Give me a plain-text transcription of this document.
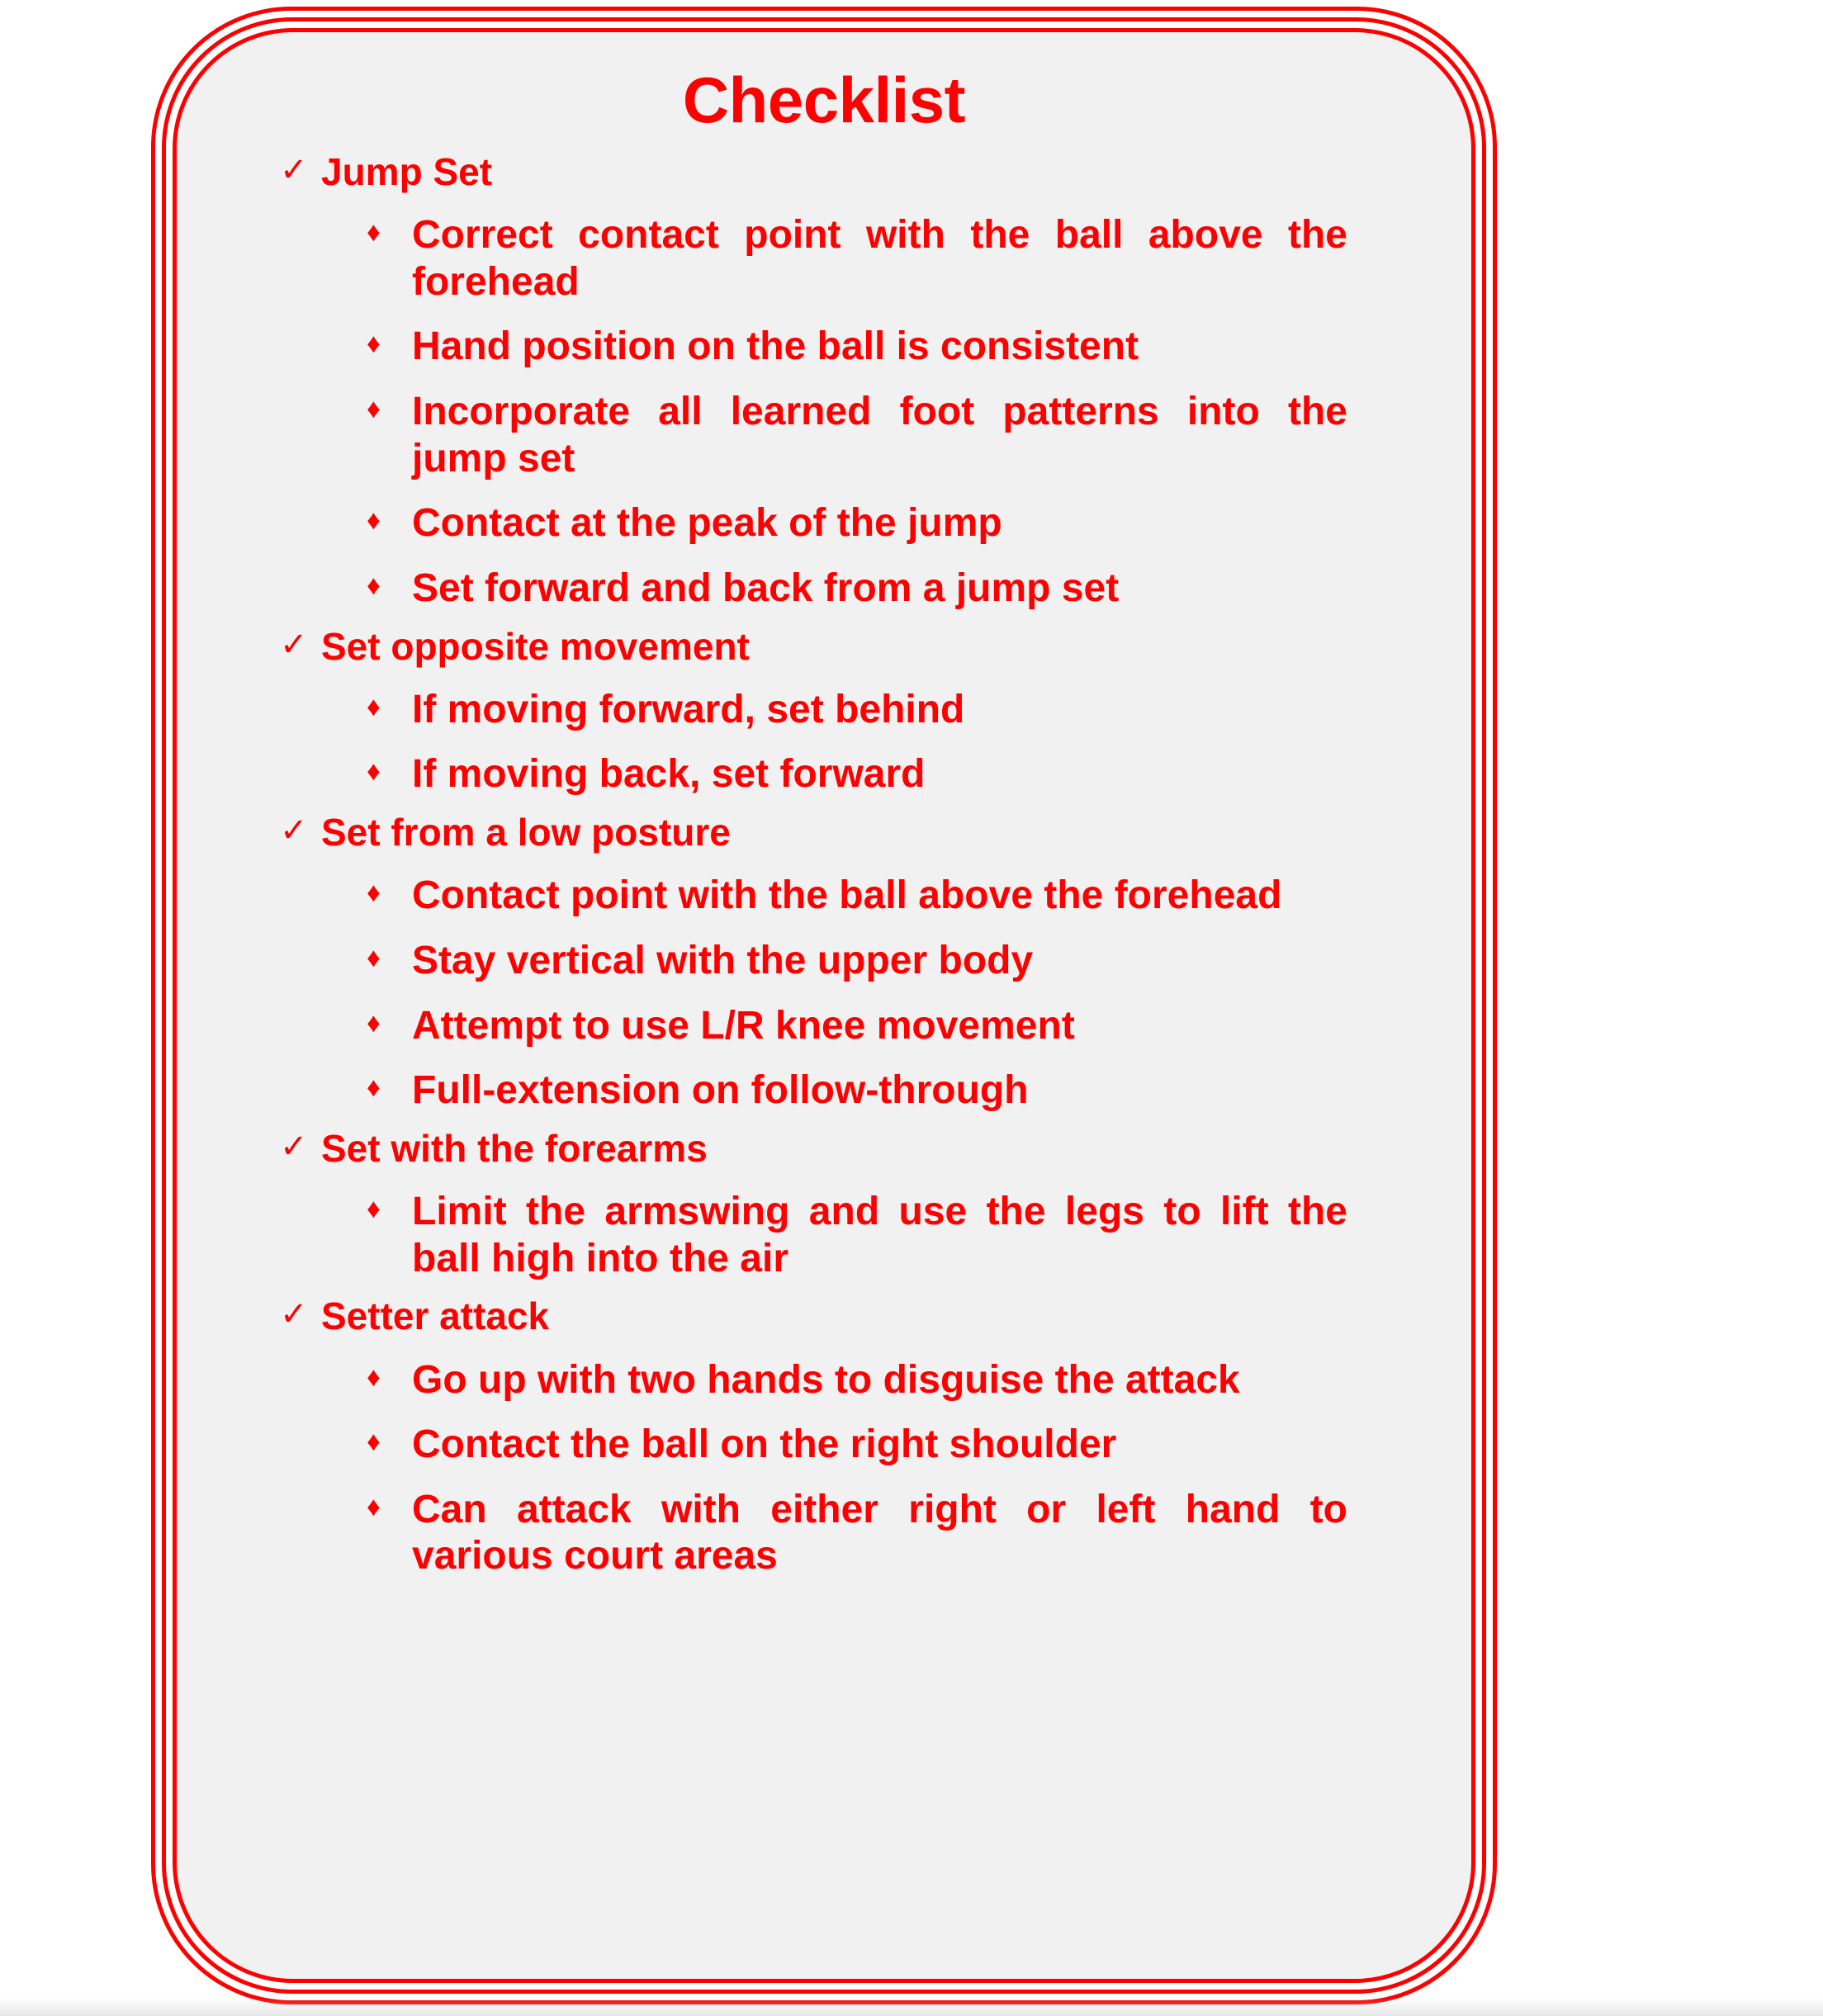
Checklist
✓ Jump Set
♦ Correct contact point with the ball above the forehead
♦ Hand position on the ball is consistent
♦ Incorporate all learned foot patterns into the jump set
♦ Contact at the peak of the jump
♦ Set forward and back from a jump set
✓ Set opposite movement
♦ If moving forward, set behind
♦ If moving back, set forward
✓ Set from a low posture
♦ Contact point with the ball above the forehead
♦ Stay vertical with the upper body
♦ Attempt to use L/R knee movement
♦ Full-extension on follow-through
✓ Set with the forearms
♦ Limit the armswing and use the legs to lift the ball high into the air
✓ Setter attack
♦ Go up with two hands to disguise the attack
♦ Contact the ball on the right shoulder
♦ Can attack with either right or left hand to various court areas
